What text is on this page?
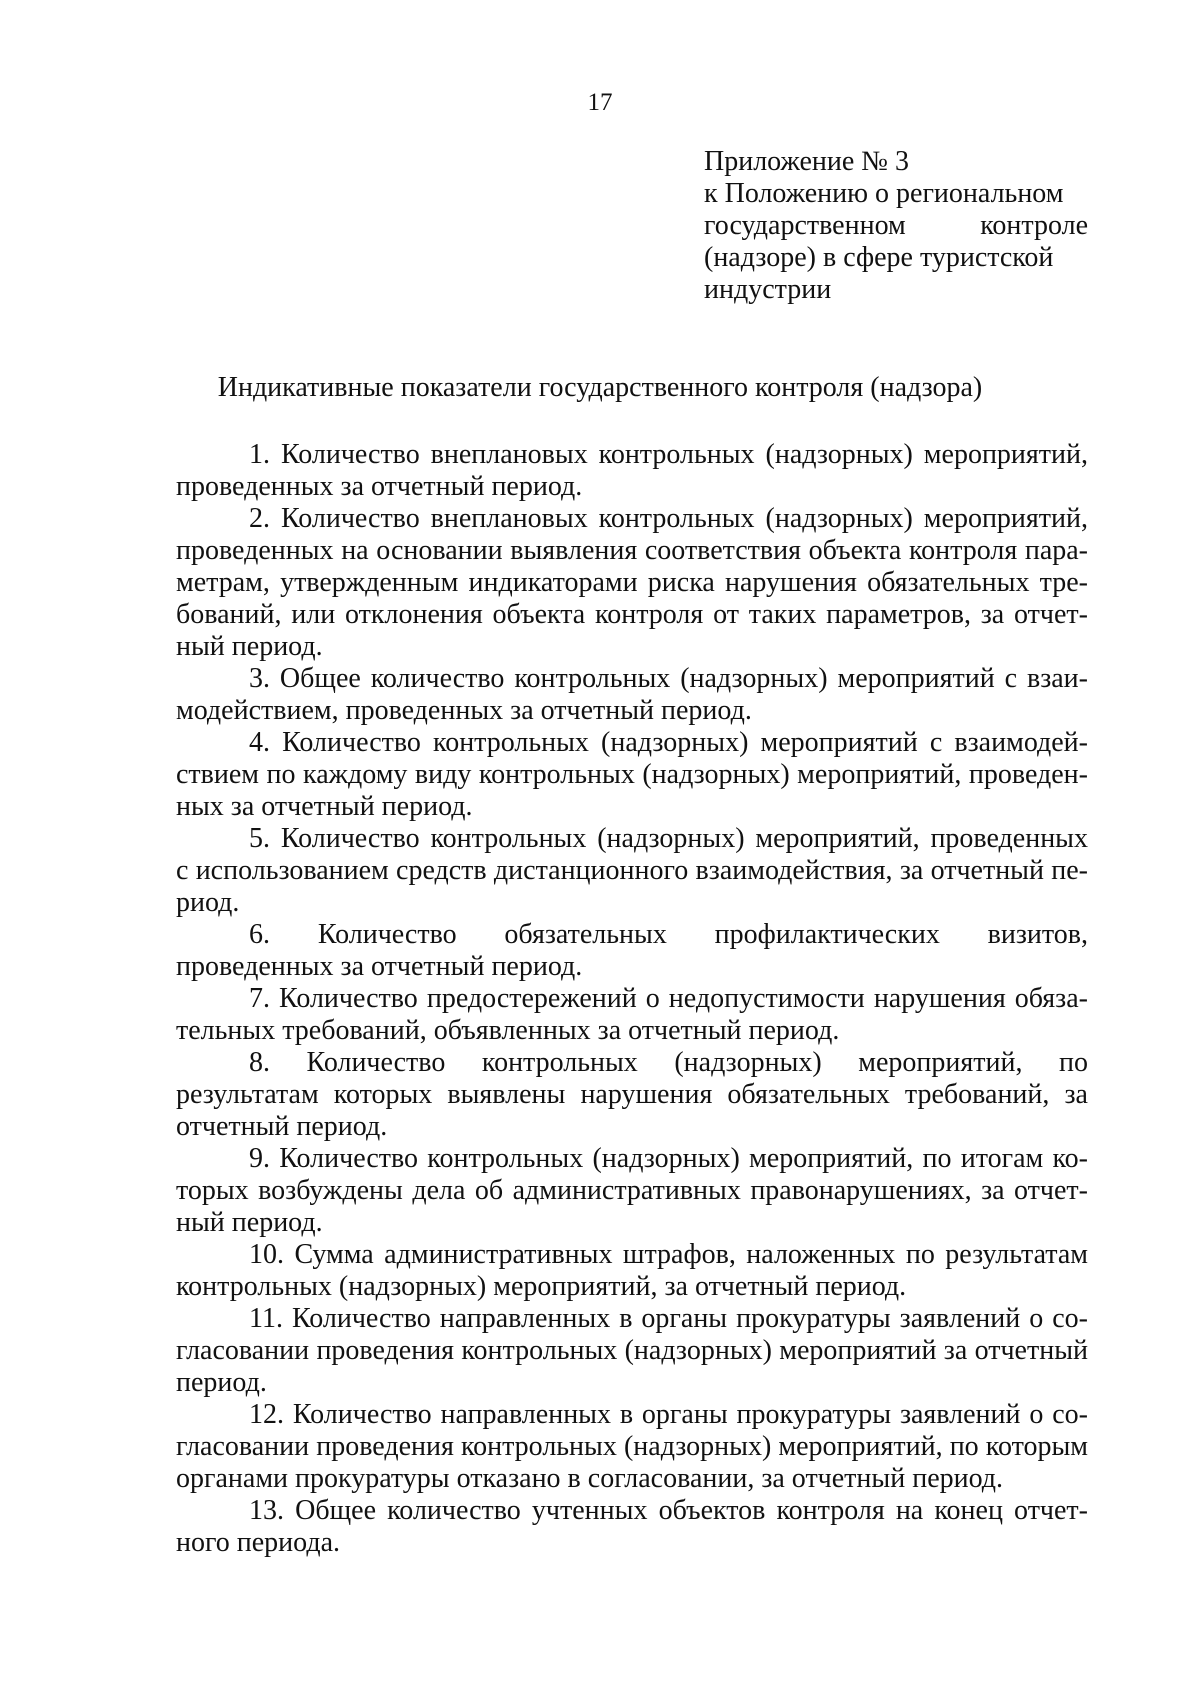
17
Приложение № 3
к Положению о региональном
государственном контроле
(надзоре) в сфере туристской
индустрии
Индикативные показатели государственного контроля (надзора)

1. Количество внеплановых контрольных (надзорных) мероприятий, проведенных за отчетный период.

2. Количество внеплановых контрольных (надзорных) мероприятий, проведенных на основании выявления соответствия объекта контроля параметрам, утвержденным индикаторами риска нарушения обязательных требований, или отклонения объекта контроля от таких параметров, за отчетный период.

3. Общее количество контрольных (надзорных) мероприятий с взаимодействием, проведенных за отчетный период.

4. Количество контрольных (надзорных) мероприятий с взаимодействием по каждому виду контрольных (надзорных) мероприятий, проведенных за отчетный период.

5. Количество контрольных (надзорных) мероприятий, проведенных с использованием средств дистанционного взаимодействия, за отчетный период.

6. Количество обязательных профилактических визитов, проведенных за отчетный период.

7. Количество предостережений о недопустимости нарушения обязательных требований, объявленных за отчетный период.

8. Количество контрольных (надзорных) мероприятий, по результатам которых выявлены нарушения обязательных требований, за отчетный период.

9. Количество контрольных (надзорных) мероприятий, по итогам которых возбуждены дела об административных правонарушениях, за отчетный период.

10. Сумма административных штрафов, наложенных по результатам контрольных (надзорных) мероприятий, за отчетный период.

11. Количество направленных в органы прокуратуры заявлений о согласовании проведения контрольных (надзорных) мероприятий за отчетный период.

12. Количество направленных в органы прокуратуры заявлений о согласовании проведения контрольных (надзорных) мероприятий, по которым органами прокуратуры отказано в согласовании, за отчетный период.

13. Общее количество учтенных объектов контроля на конец отчетного периода.
